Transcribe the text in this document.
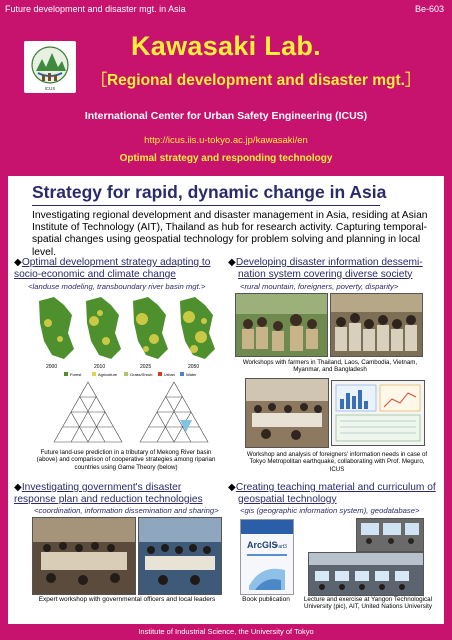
Future development and disaster mgt. in Asia	Be-603
ICUS
Kawasaki Lab.
［Regional development and disaster mgt.］
International Center for Urban Safety Engineering (ICUS)
http://icus.iis.u-tokyo.ac.jp/kawasaki/en
Optimal strategy and responding technology
Strategy for rapid, dynamic change in Asia
Investigating regional development and disaster management in Asia, residing at Asian Institute of Technology (AIT), Thailand as hub for research activity. Capturing temporal-spatial changes using geospatial technology for problem solving and planning in local level.
◆Optimal development strategy adapting to
socio-economic and climate change
<landuse modeling, transboundary river basin mgt.>
2000	2010	2025	2050
Forest	Agriculture	Grass/Shrub	Urban	Water
Future land-use prediction in a tributary of Mekong River basin (above) and comparison of cooperative strategies among riparian countries using Game Theory (below)
◆Developing disaster information dessemi-
nation system covering diverse society
<rural mountain, foreigners, poverty, disparity>
Workshops with farmers in Thailand, Laos, Cambodia, Vietnam, Myanmar, and Bangladesh
Workshop and analysis of foreigners' information needs in case of Tokyo Metropolitan earthquake, collaborating with Prof. Meguro, ICUS
◆Investigating government's disaster
response plan and reduction technologies
<coordination, information dissemination and sharing>
Expert workshop with governmental officers and local leaders
◆Creating teaching material and curriculum of
geospatial technology
<gis (geographic information system), geodatabase>
ArcGIS
Part3
Book publication	Lecture and exercise at Yangon Technological University (pic), AIT, United Nations University
Institute of Industrial Science, the University of Tokyo
